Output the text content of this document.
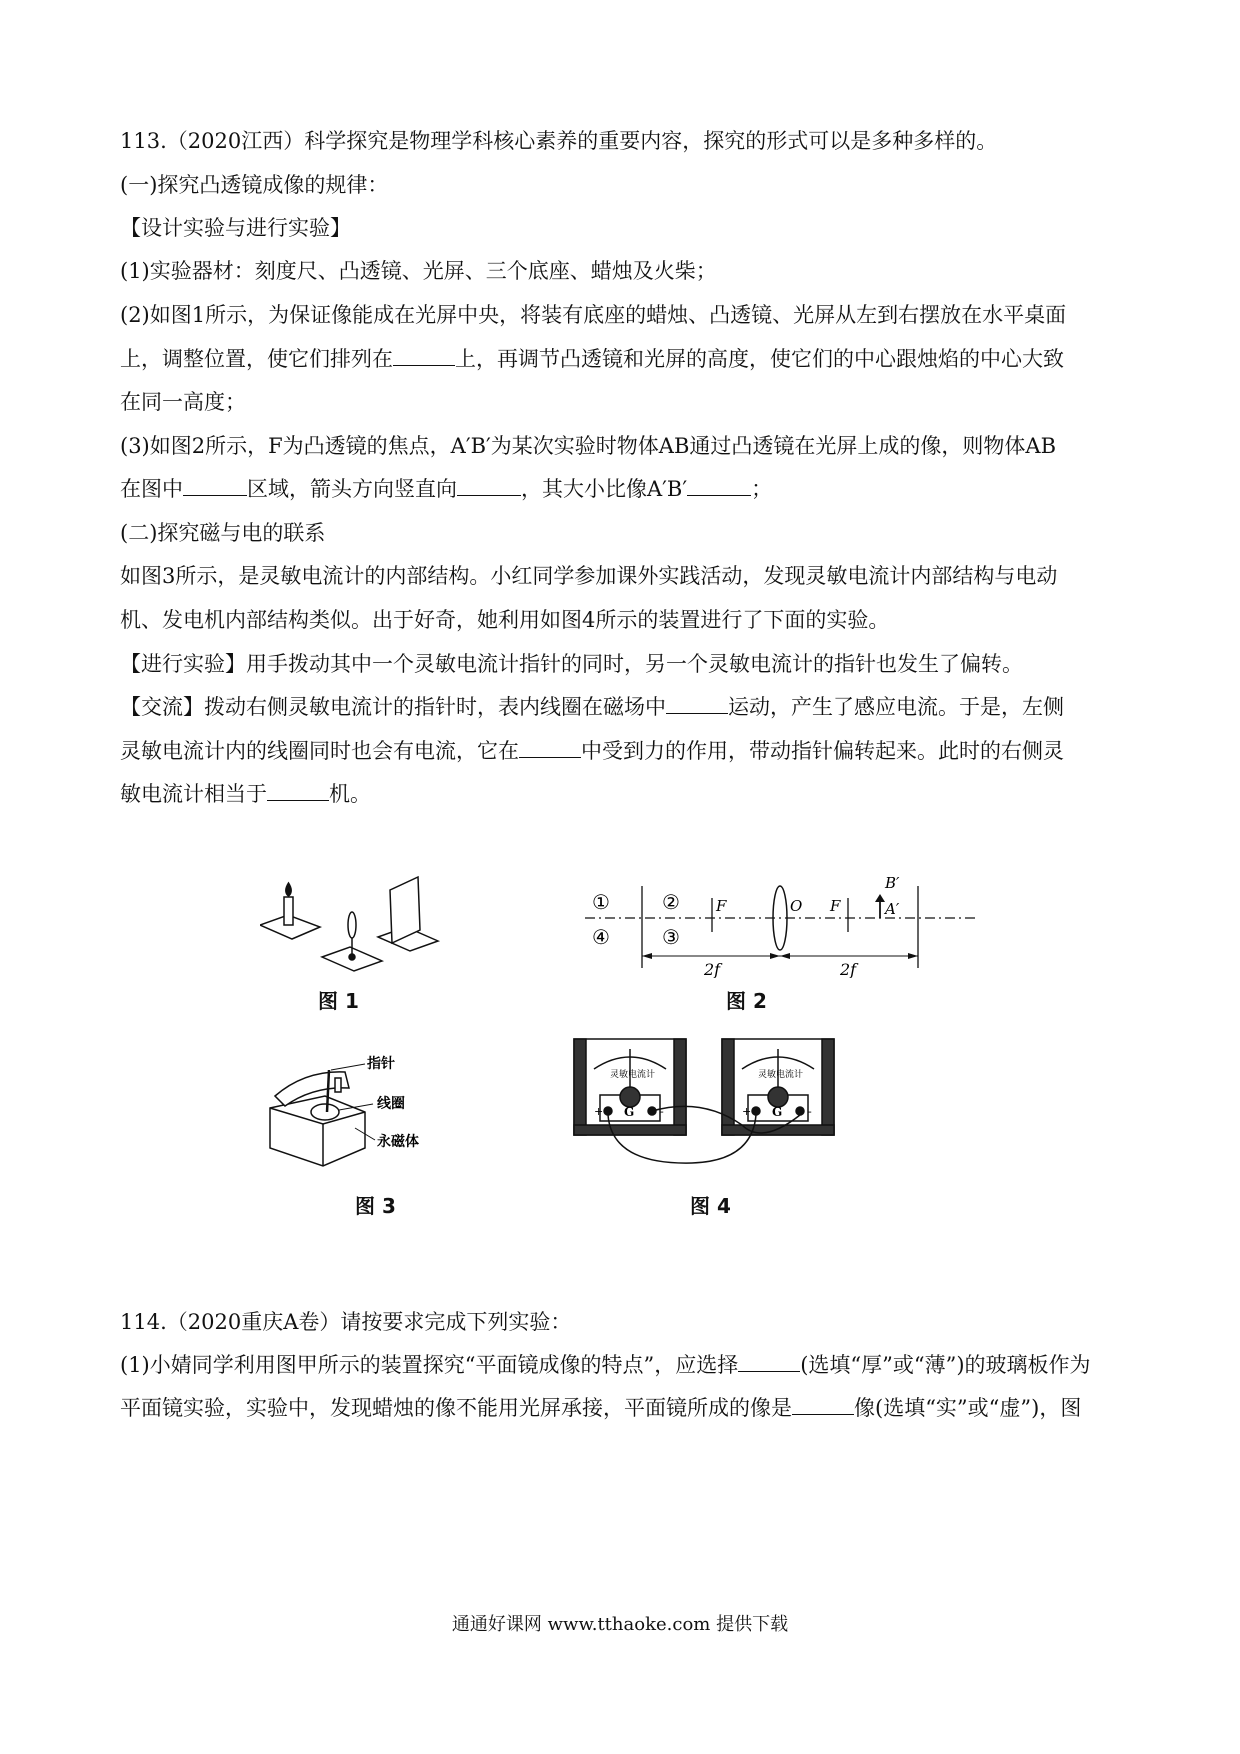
113.（2020江西）科学探究是物理学科核心素养的重要内容，探究的形式可以是多种多样的。
(一)探究凸透镜成像的规律：
【设计实验与进行实验】
(1)实验器材：刻度尺、凸透镜、光屏、三个底座、蜡烛及火柴；
(2)如图1所示，为保证像能成在光屏中央，将装有底座的蜡烛、凸透镜、光屏从左到右摆放在水平桌面
上，调整位置，使它们排列在	上，再调节凸透镜和光屏的高度，使它们的中心跟烛焰的中心大致
在同一高度；
(3)如图2所示，F为凸透镜的焦点，A′B′为某次实验时物体AB通过凸透镜在光屏上成的像，则物体AB
在图中	区域，箭头方向竖直向	，其大小比像A′B′	；
(二)探究磁与电的联系
如图3所示，是灵敏电流计的内部结构。小红同学参加课外实践活动，发现灵敏电流计内部结构与电动
机、发电机内部结构类似。出于好奇，她利用如图4所示的装置进行了下面的实验。
【进行实验】用手拨动其中一个灵敏电流计指针的同时，另一个灵敏电流计的指针也发生了偏转。
【交流】拨动右侧灵敏电流计的指针时，表内线圈在磁场中	运动，产生了感应电流。于是，左侧
灵敏电流计内的线圈同时也会有电流，它在	中受到力的作用，带动指针偏转起来。此时的右侧灵
敏电流计相当于	机。
图 1
①
④
②
③
F	O F
B′
A′
2f	2f
图 2
指针
线圈
永磁体
图 3
灵敏电流计
+ G -
灵敏电流计
+ G -
图 4
114.（2020重庆A卷）请按要求完成下列实验：
(1)小婧同学利用图甲所示的装置探究“平面镜成像的特点”，应选择	(选填“厚”或“薄”)的玻璃板作为
平面镜实验，实验中，发现蜡烛的像不能用光屏承接，平面镜所成的像是	像(选填“实”或“虚”)，图
通通好课网 www.tthaoke.com 提供下载
